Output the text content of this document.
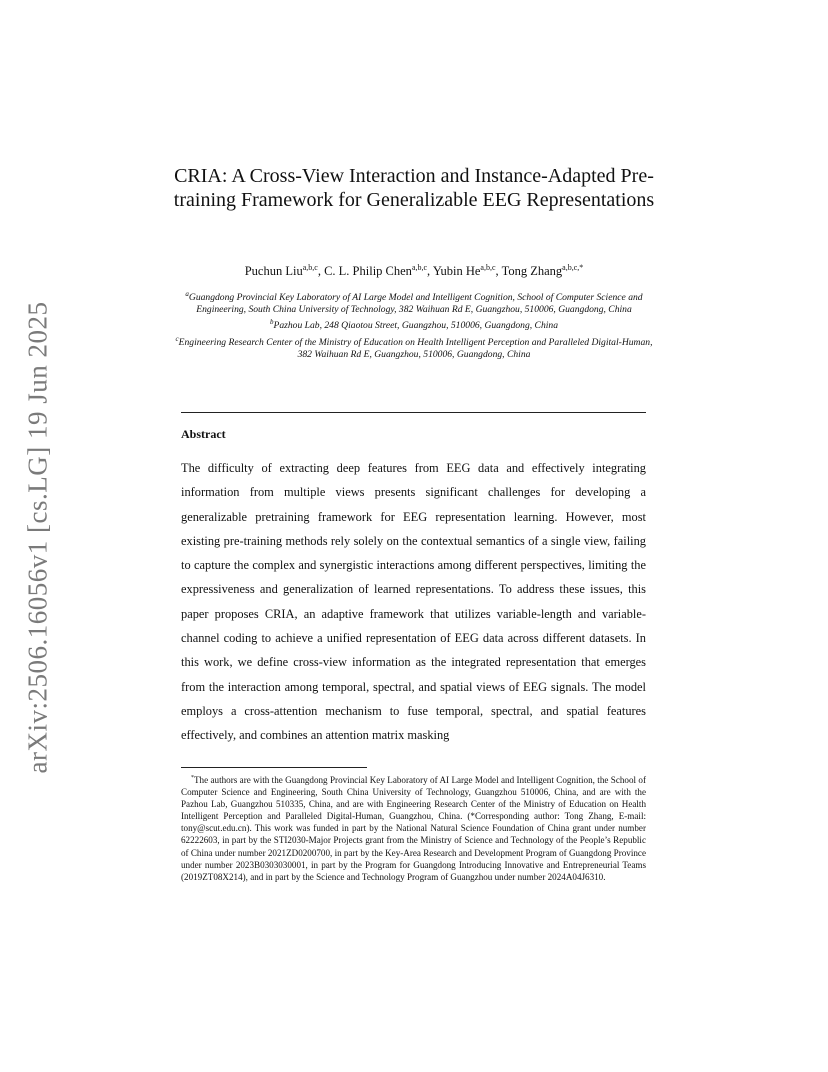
arXiv:2506.16056v1 [cs.LG] 19 Jun 2025
CRIA: A Cross-View Interaction and Instance-Adapted Pre-training Framework for Generalizable EEG Representations
Puchun Liu$^{a,b,c}$, C. L. Philip Chen$^{a,b,c}$, Yubin He$^{a,b,c}$, Tong Zhang$^{a,b,c,*}$
$^a$Guangdong Provincial Key Laboratory of AI Large Model and Intelligent Cognition, School of Computer Science and Engineering, South China University of Technology, 382 Waihuan Rd E, Guangzhou, 510006, Guangdong, China
$^b$Pazhou Lab, 248 Qiaotou Street, Guangzhou, 510006, Guangdong, China
$^c$Engineering Research Center of the Ministry of Education on Health Intelligent Perception and Paralleled Digital-Human, 382 Waihuan Rd E, Guangzhou, 510006, Guangdong, China
Abstract

The difficulty of extracting deep features from EEG data and effectively integrating information from multiple views presents significant challenges for developing a generalizable pretraining framework for EEG representation learning. However, most existing pre-training methods rely solely on the contextual semantics of a single view, failing to capture the complex and synergistic interactions among different perspectives, limiting the expressiveness and generalization of learned representations. To address these issues, this paper proposes CRIA, an adaptive framework that utilizes variable-length and variable-channel coding to achieve a unified representation of EEG data across different datasets. In this work, we define cross-view information as the integrated representation that emerges from the interaction among temporal, spectral, and spatial views of EEG signals. The model employs a cross-attention mechanism to fuse temporal, spectral, and spatial features effectively, and combines an attention matrix masking

*The authors are with the Guangdong Provincial Key Laboratory of AI Large Model and Intelligent Cognition, the School of Computer Science and Engineering, South China University of Technology, Guangzhou 510006, China, and are with the Pazhou Lab, Guangzhou 510335, China, and are with Engineering Research Center of the Ministry of Education on Health Intelligent Perception and Paralleled Digital-Human, Guangzhou, China. (*Corresponding author: Tong Zhang, E-mail: tony@scut.edu.cn). This work was funded in part by the National Natural Science Foundation of China grant under number 62222603, in part by the STI2030-Major Projects grant from the Ministry of Science and Technology of the People’s Republic of China under number 2021ZD0200700, in part by the Key-Area Research and Development Program of Guangdong Province under number 2023B0303030001, in part by the Program for Guangdong Introducing Innovative and Entrepreneurial Teams (2019ZT08X214), and in part by the Science and Technology Program of Guangzhou under number 2024A04J6310.
